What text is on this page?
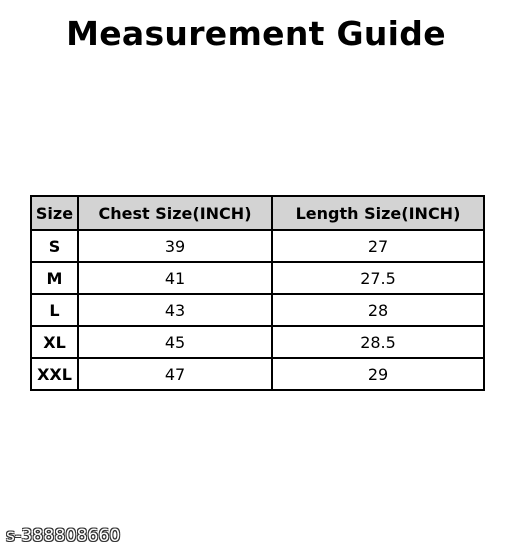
Measurement Guide
Size	Chest Size(INCH)	Length Size(INCH)
S	39	27
M	41	27.5
L	43	28
XL	45	28.5
XXL	47	29
s-388808660
